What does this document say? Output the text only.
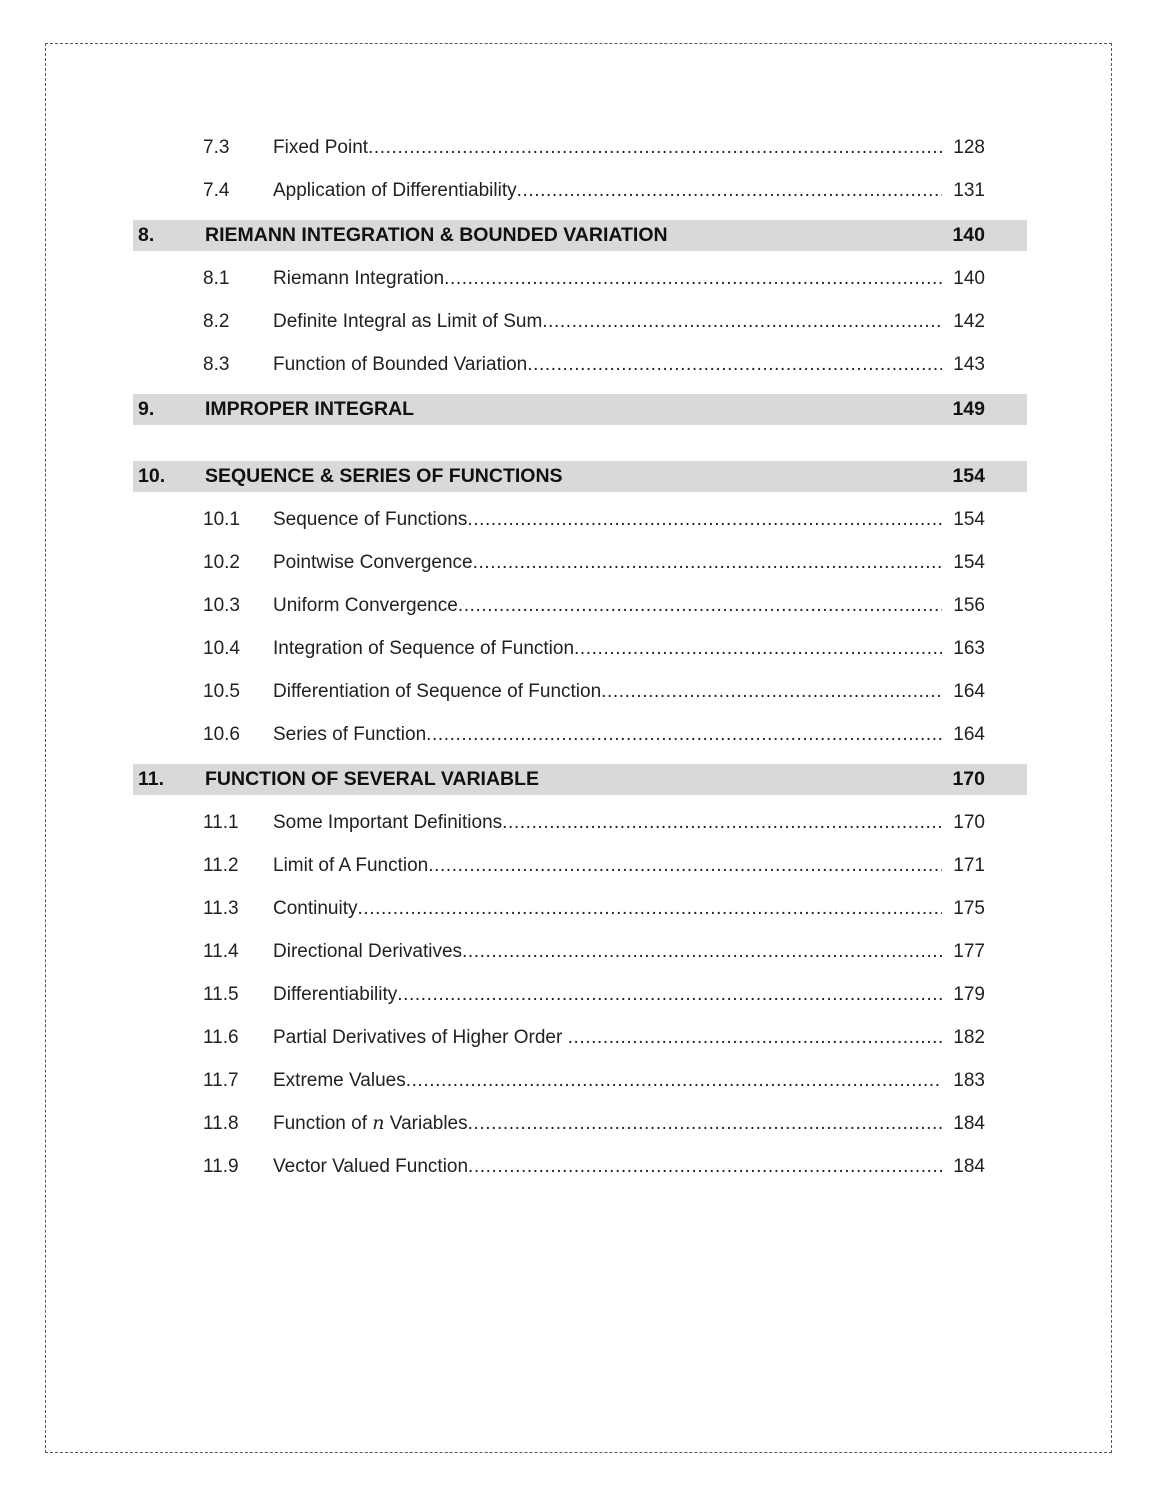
7.3	Fixed Point .....	128
7.4	Application of Differentiability .....	131
8.	RIEMANN INTEGRATION & BOUNDED VARIATION	140
8.1	Riemann Integration .....	140
8.2	Definite Integral as Limit of Sum .....	142
8.3	Function of Bounded Variation .....	143
9.	IMPROPER INTEGRAL	149
10.	SEQUENCE & SERIES OF FUNCTIONS	154
10.1	Sequence of Functions .....	154
10.2	Pointwise Convergence .....	154
10.3	Uniform Convergence .....	156
10.4	Integration of Sequence of Function .....	163
10.5	Differentiation of Sequence of Function .....	164
10.6	Series of Function .....	164
11.	FUNCTION OF SEVERAL VARIABLE	170
11.1	Some Important Definitions .....	170
11.2	Limit of A Function .....	171
11.3	Continuity .....	175
11.4	Directional Derivatives .....	177
11.5	Differentiability .....	179
11.6	Partial Derivatives of Higher Order .....	182
11.7	Extreme Values .....	183
11.8	Function of n Variables .....	184
11.9	Vector Valued Function .....	184
